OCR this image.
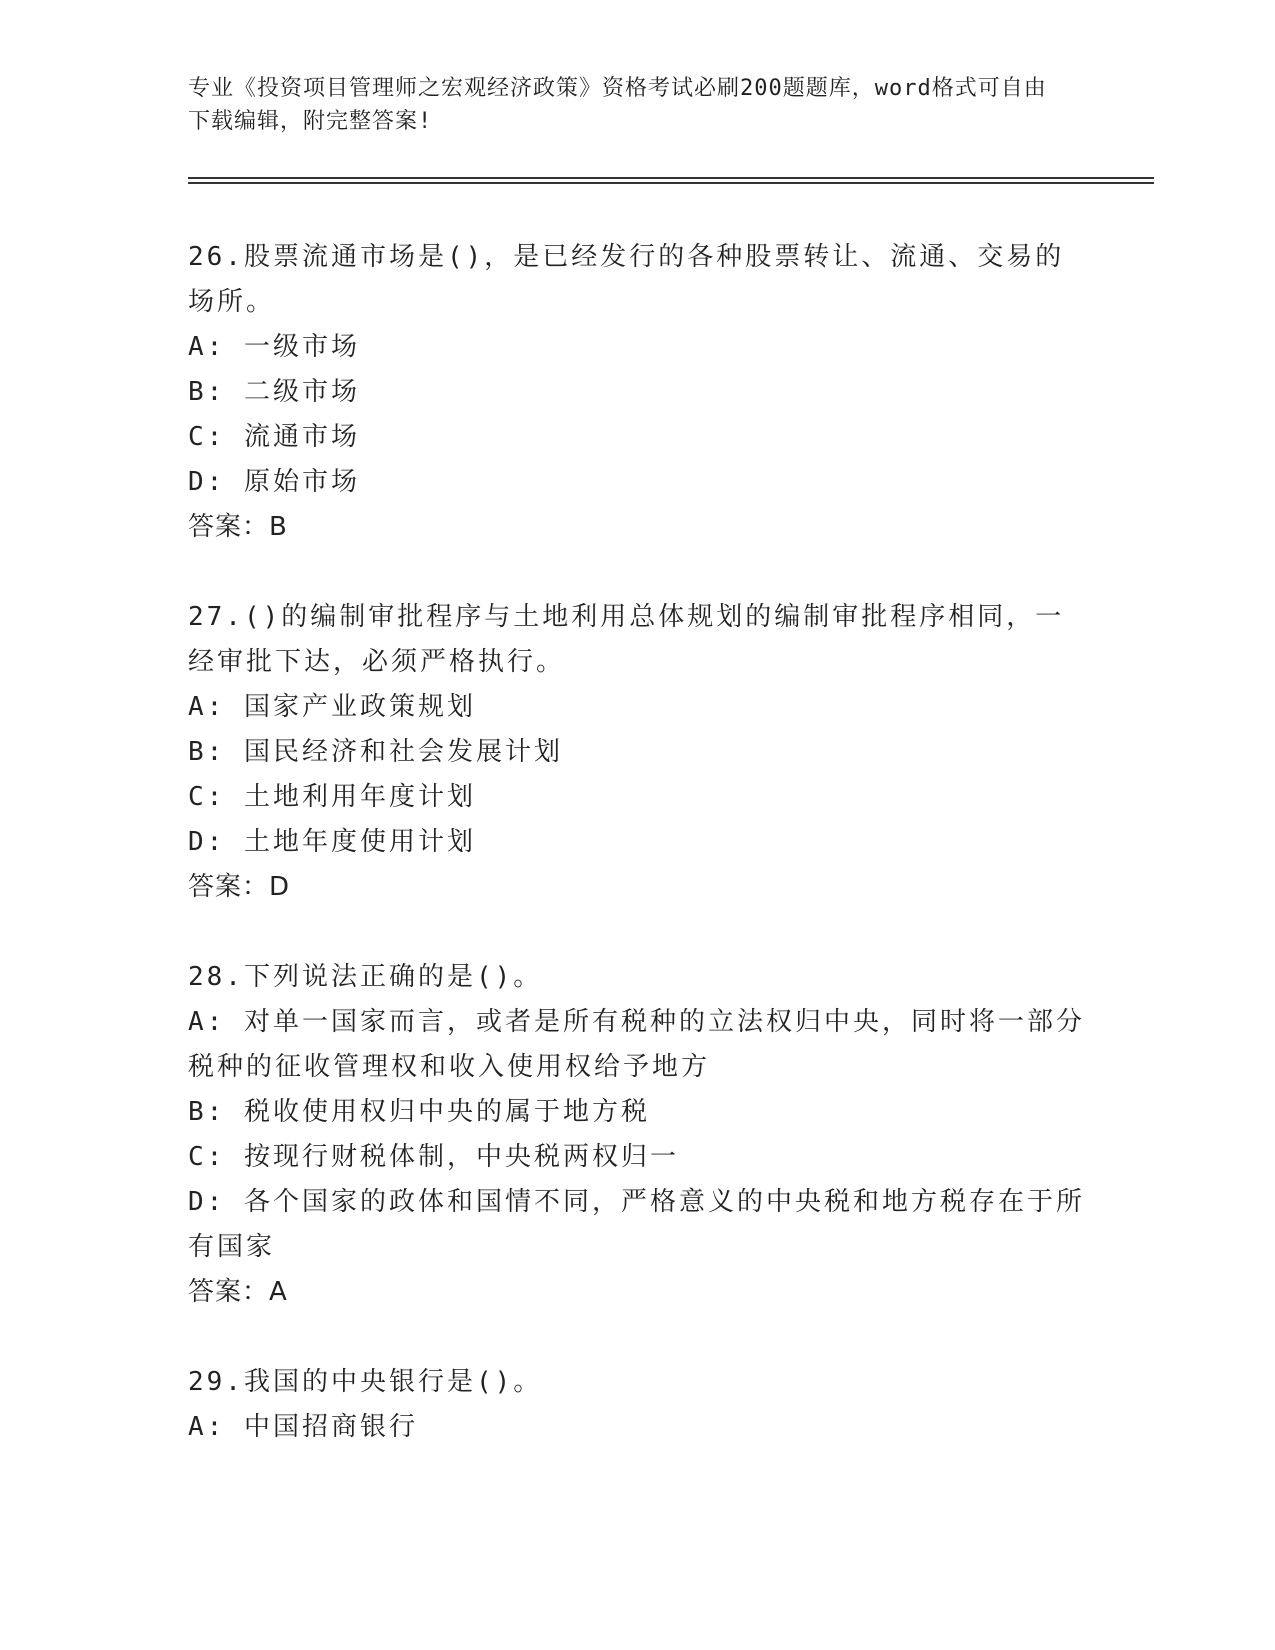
专业《投资项目管理师之宏观经济政策》资格考试必刷200题题库，word格式可自由下载编辑，附完整答案!
26.股票流通市场是()，是已经发行的各种股票转让、流通、交易的场所。
A: 一级市场
B: 二级市场
C: 流通市场
D: 原始市场
答案：B
27.()的编制审批程序与土地利用总体规划的编制审批程序相同，一经审批下达，必须严格执行。
A: 国家产业政策规划
B: 国民经济和社会发展计划
C: 土地利用年度计划
D: 土地年度使用计划
答案：D
28.下列说法正确的是()。
A: 对单一国家而言，或者是所有税种的立法权归中央，同时将一部分税种的征收管理权和收入使用权给予地方
B: 税收使用权归中央的属于地方税
C: 按现行财税体制，中央税两权归一
D: 各个国家的政体和国情不同，严格意义的中央税和地方税存在于所有国家
答案：A
29.我国的中央银行是()。
A: 中国招商银行
